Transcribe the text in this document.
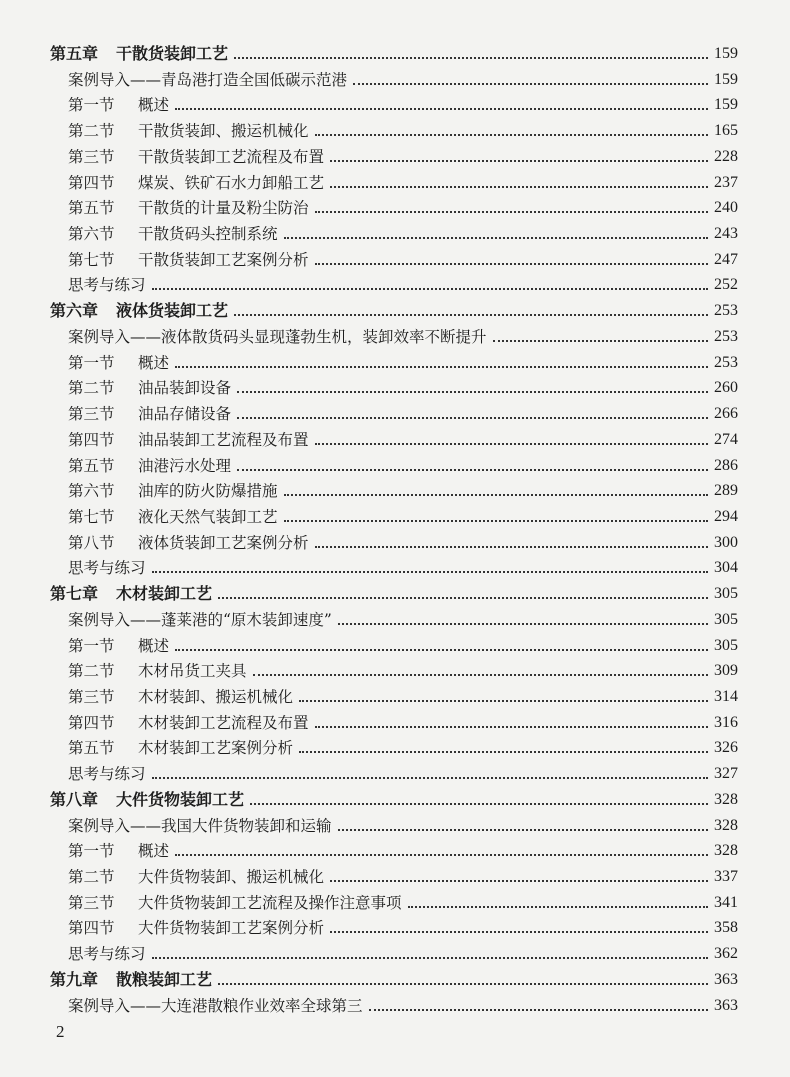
第五章	干散货装卸工艺	159
案例导入——青岛港打造全国低碳示范港	159
第一节	概述	159
第二节	干散货装卸、搬运机械化	165
第三节	干散货装卸工艺流程及布置	228
第四节	煤炭、铁矿石水力卸船工艺	237
第五节	干散货的计量及粉尘防治	240
第六节	干散货码头控制系统	243
第七节	干散货装卸工艺案例分析	247
思考与练习	252
第六章	液体货装卸工艺	253
案例导入——液体散货码头显现蓬勃生机，装卸效率不断提升	253
第一节	概述	253
第二节	油品装卸设备	260
第三节	油品存储设备	266
第四节	油品装卸工艺流程及布置	274
第五节	油港污水处理	286
第六节	油库的防火防爆措施	289
第七节	液化天然气装卸工艺	294
第八节	液体货装卸工艺案例分析	300
思考与练习	304
第七章	木材装卸工艺	305
案例导入——蓬莱港的“原木装卸速度”	305
第一节	概述	305
第二节	木材吊货工夹具	309
第三节	木材装卸、搬运机械化	314
第四节	木材装卸工艺流程及布置	316
第五节	木材装卸工艺案例分析	326
思考与练习	327
第八章	大件货物装卸工艺	328
案例导入——我国大件货物装卸和运输	328
第一节	概述	328
第二节	大件货物装卸、搬运机械化	337
第三节	大件货物装卸工艺流程及操作注意事项	341
第四节	大件货物装卸工艺案例分析	358
思考与练习	362
第九章	散粮装卸工艺	363
案例导入——大连港散粮作业效率全球第三	363
2
